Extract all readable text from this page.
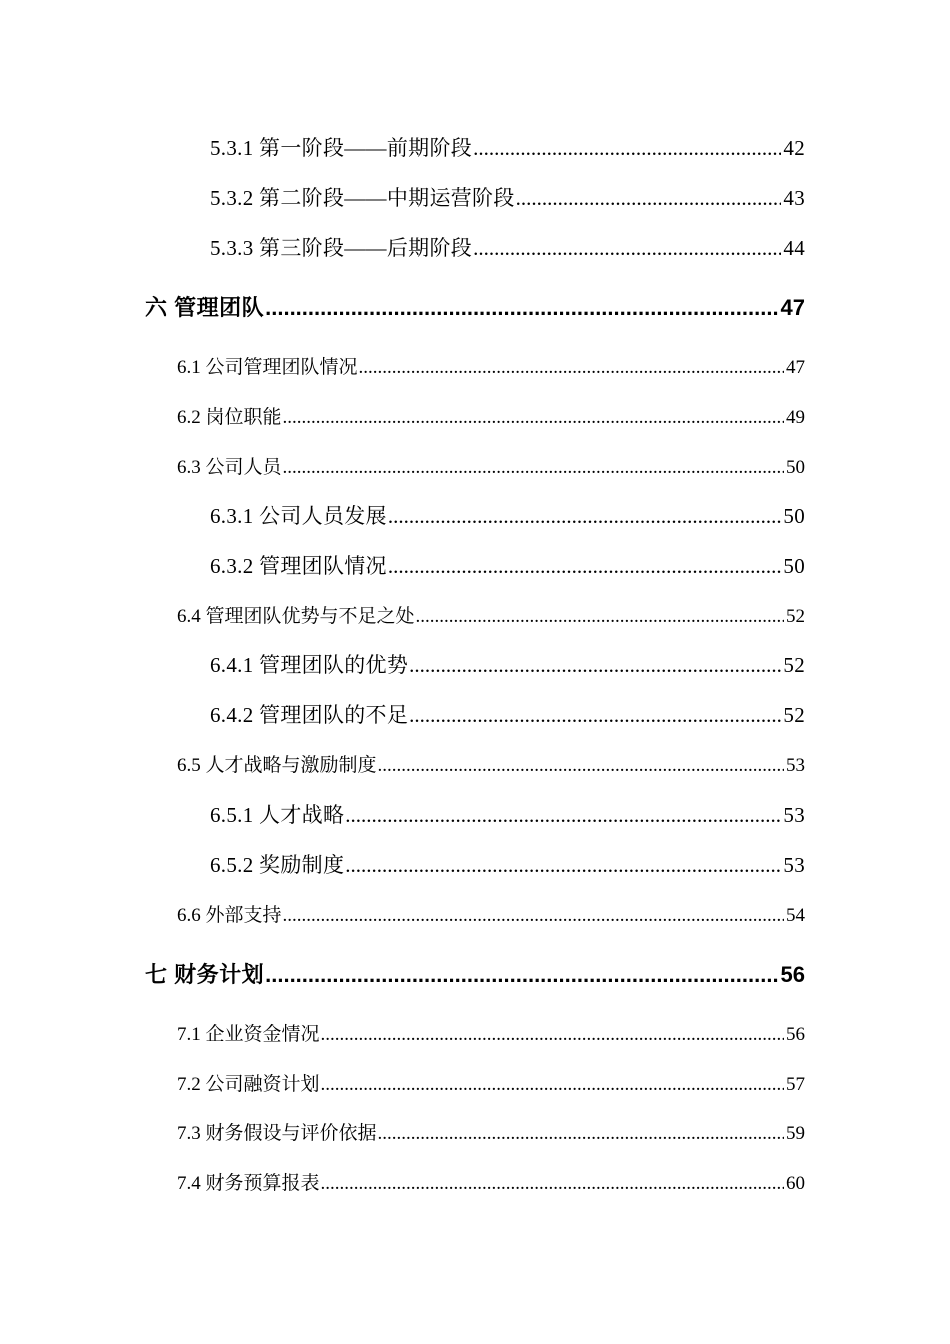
5.3.1 第一阶段——前期阶段 .....	42
5.3.2 第二阶段——中期运营阶段 .....	43
5.3.3 第三阶段——后期阶段 .....	44
六 管理团队 .....	47
6.1 公司管理团队情况 .....	47
6.2 岗位职能 .....	49
6.3 公司人员 .....	50
6.3.1 公司人员发展 .....	50
6.3.2 管理团队情况 .....	50
6.4 管理团队优势与不足之处 .....	52
6.4.1 管理团队的优势 .....	52
6.4.2 管理团队的不足 .....	52
6.5 人才战略与激励制度 .....	53
6.5.1 人才战略 .....	53
6.5.2 奖励制度 .....	53
6.6 外部支持 .....	54
七 财务计划 .....	56
7.1 企业资金情况 .....	56
7.2 公司融资计划 .....	57
7.3 财务假设与评价依据 .....	59
7.4 财务预算报表 .....	60
